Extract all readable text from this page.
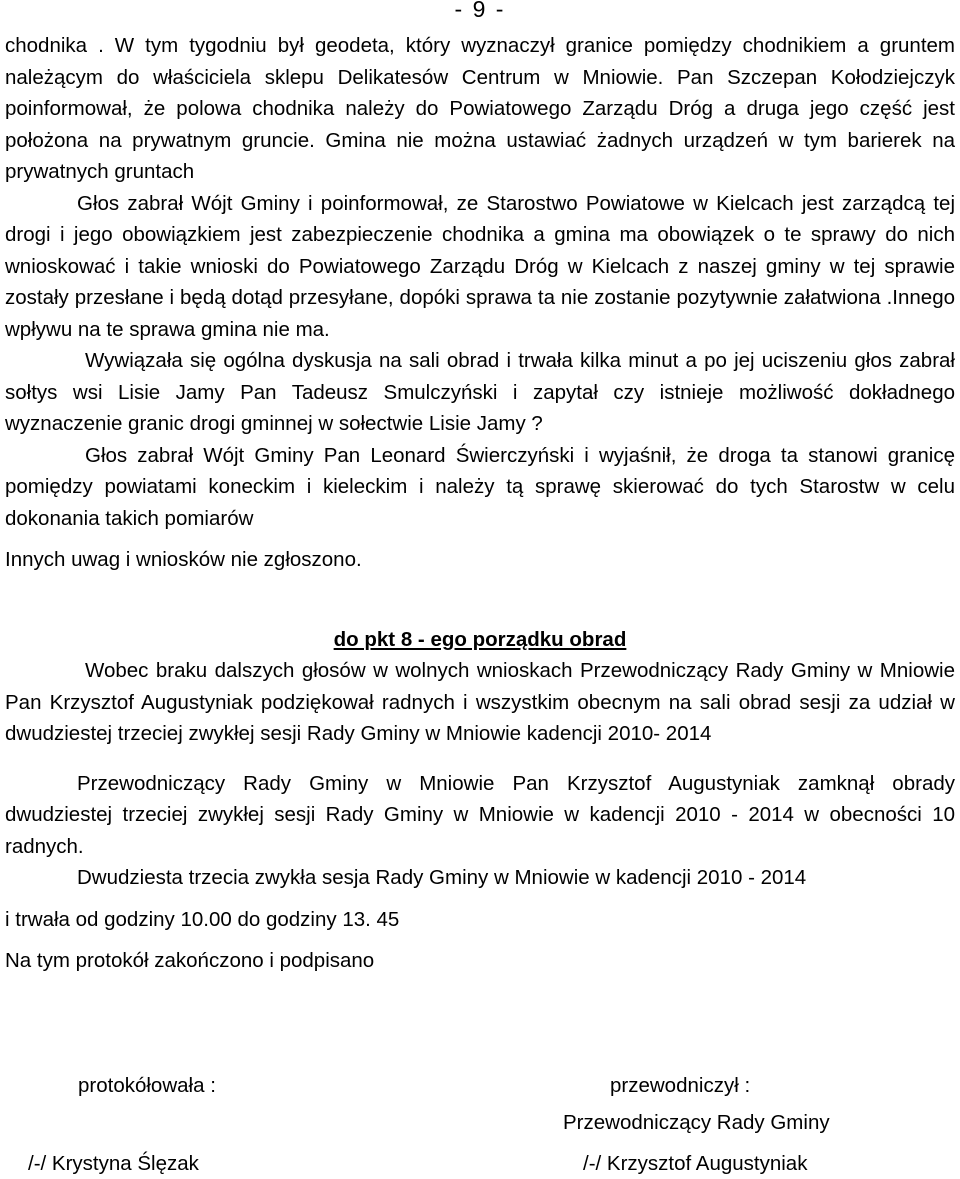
- 9 -

chodnika . W tym tygodniu był geodeta, który wyznaczył granice pomiędzy chodnikiem a gruntem należącym do właściciela sklepu Delikatesów Centrum w Mniowie. Pan Szczepan Kołodziejczyk poinformował, że polowa chodnika należy do Powiatowego Zarządu Dróg a druga jego część jest położona na prywatnym gruncie. Gmina nie można ustawiać żadnych urządzeń w tym barierek na prywatnych gruntach

Głos zabrał Wójt Gminy i poinformował, ze Starostwo Powiatowe w Kielcach jest zarządcą tej drogi i jego obowiązkiem jest zabezpieczenie chodnika a gmina ma obowiązek o te sprawy do nich wnioskować i takie wnioski do Powiatowego Zarządu Dróg w Kielcach z naszej gminy w tej sprawie zostały przesłane i będą dotąd przesyłane, dopóki sprawa ta nie zostanie pozytywnie załatwiona .Innego wpływu na te sprawa gmina nie ma.

Wywiązała się ogólna dyskusja na sali obrad i trwała kilka minut a po jej uciszeniu głos zabrał sołtys wsi Lisie Jamy Pan Tadeusz Smulczyński i zapytał czy istnieje możliwość dokładnego wyznaczenie granic drogi gminnej w sołectwie Lisie Jamy ?

Głos zabrał Wójt Gminy Pan Leonard Świerczyński i wyjaśnił, że droga ta stanowi granicę pomiędzy powiatami koneckim i kieleckim i należy tą sprawę skierować do tych Starostw w celu dokonania takich pomiarów

Innych uwag i wniosków nie zgłoszono.

do pkt 8 - ego porządku obrad

Wobec braku dalszych głosów w wolnych wnioskach Przewodniczący Rady Gminy w Mniowie Pan Krzysztof Augustyniak podziękował radnych i wszystkim obecnym na sali obrad sesji za udział w dwudziestej trzeciej zwykłej sesji Rady Gminy w Mniowie kadencji 2010- 2014

Przewodniczący Rady Gminy w Mniowie Pan Krzysztof Augustyniak zamknął obrady dwudziestej trzeciej zwykłej sesji Rady Gminy w Mniowie w kadencji 2010 - 2014 w obecności 10 radnych.

Dwudziesta trzecia zwykła sesja Rady Gminy w Mniowie w kadencji 2010 - 2014

i trwała od godziny 10.00 do godziny 13. 45

Na tym protokół zakończono i podpisano

protokółowała :
/-/ Krystyna Ślęzak
przewodniczył :
Przewodniczący Rady Gminy
/-/ Krzysztof Augustyniak
